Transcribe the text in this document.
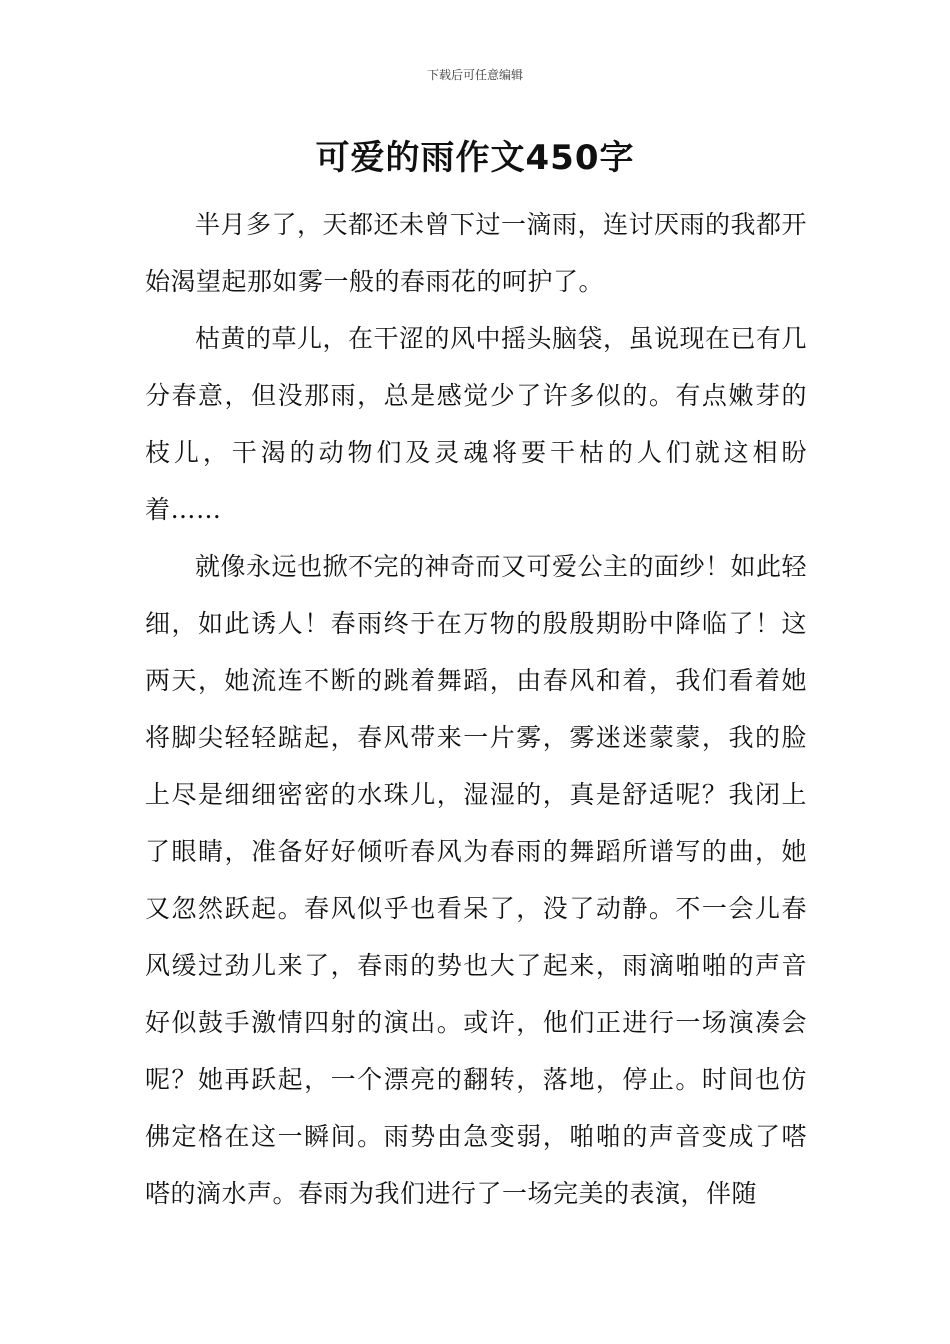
下载后可任意编辑
可爱的雨作文450字

半月多了，天都还未曾下过一滴雨，连讨厌雨的我都开始渴望起那如雾一般的春雨花的呵护了。

枯黄的草儿，在干涩的风中摇头脑袋，虽说现在已有几分春意，但没那雨，总是感觉少了许多似的。有点嫩芽的枝儿，干渴的动物们及灵魂将要干枯的人们就这相盼着……

就像永远也掀不完的神奇而又可爱公主的面纱！如此轻细，如此诱人！春雨终于在万物的殷殷期盼中降临了！这两天，她流连不断的跳着舞蹈，由春风和着，我们看着她将脚尖轻轻踮起，春风带来一片雾，雾迷迷蒙蒙，我的脸上尽是细细密密的水珠儿，湿湿的，真是舒适呢？我闭上了眼睛，准备好好倾听春风为春雨的舞蹈所谱写的曲，她又忽然跃起。春风似乎也看呆了，没了动静。不一会儿春风缓过劲儿来了，春雨的势也大了起来，雨滴啪啪的声音好似鼓手激情四射的演出。或许，他们正进行一场演凑会呢？她再跃起，一个漂亮的翻转，落地，停止。时间也仿佛定格在这一瞬间。雨势由急变弱，啪啪的声音变成了嗒嗒的滴水声。春雨为我们进行了一场完美的表演，伴随
